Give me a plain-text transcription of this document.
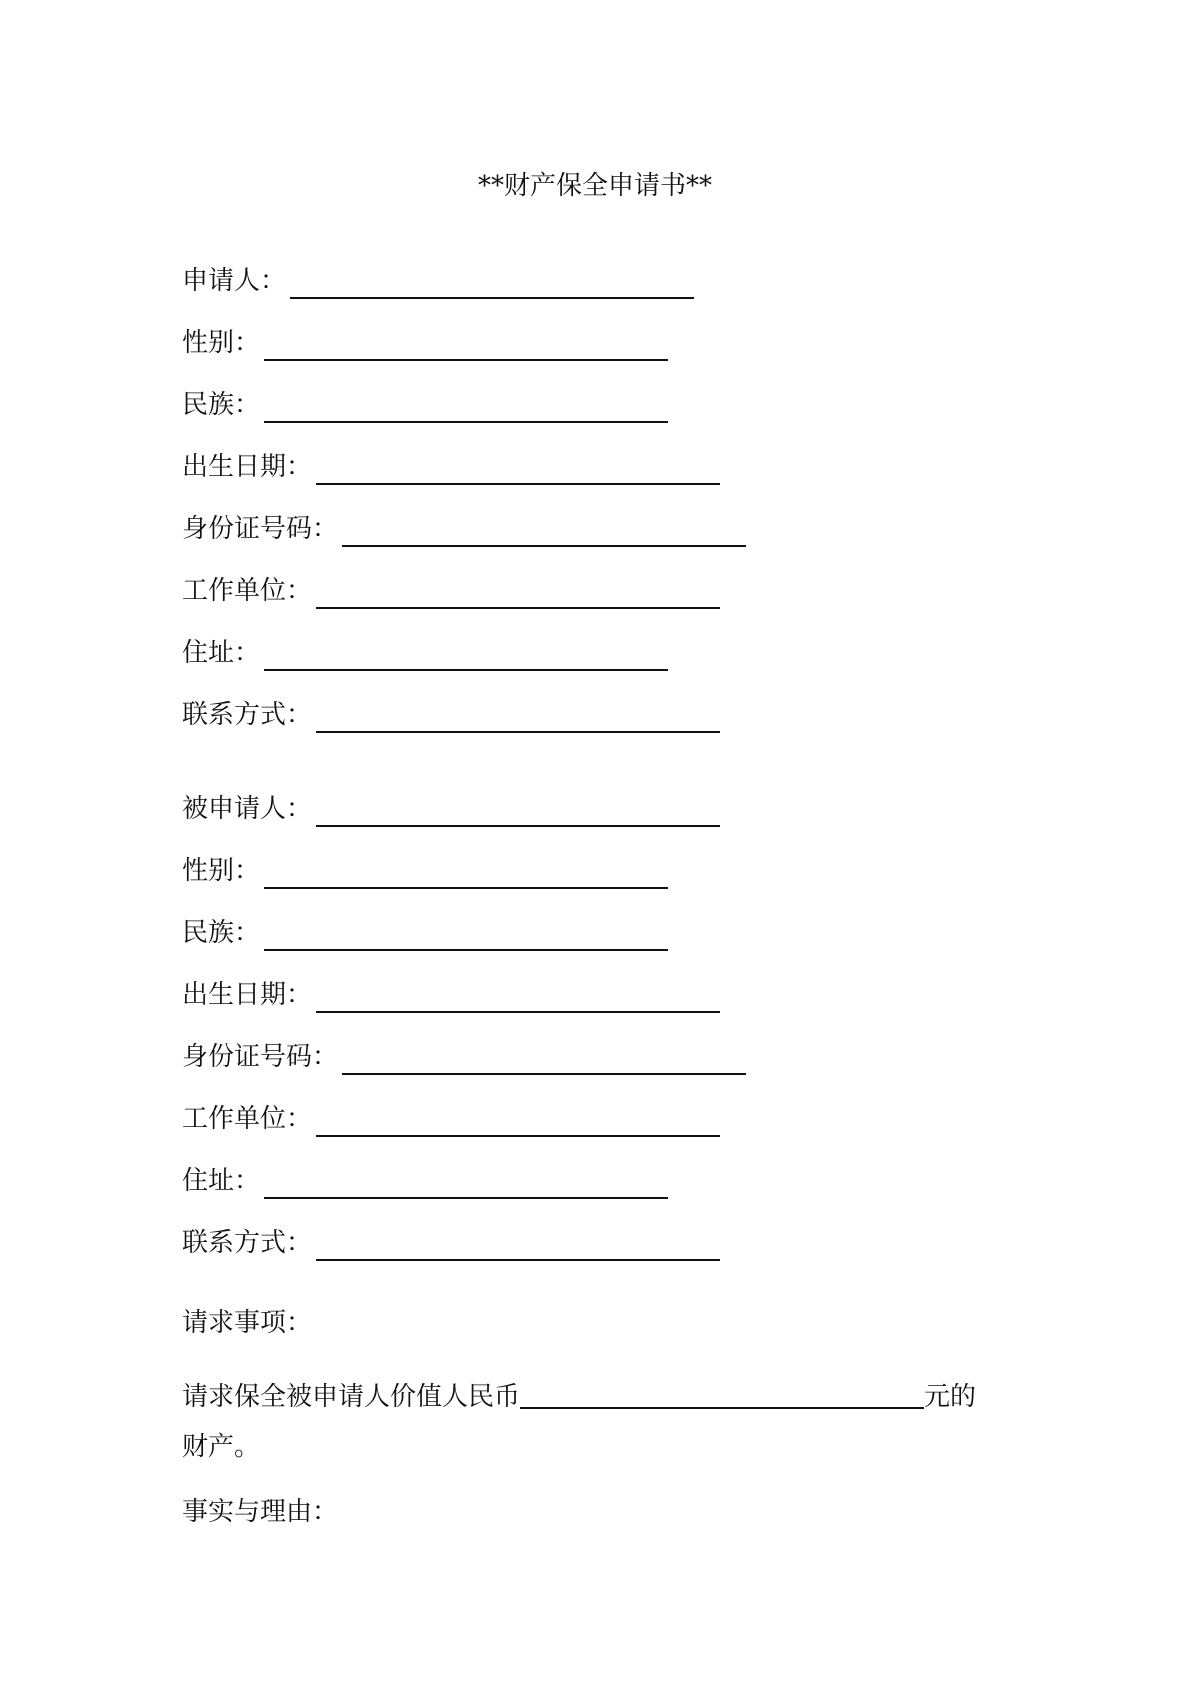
**财产保全申请书**
申请人：
性别：
民族：
出生日期：
身份证号码：
工作单位：
住址：
联系方式：
被申请人：
性别：
民族：
出生日期：
身份证号码：
工作单位：
住址：
联系方式：
请求事项：
请求保全被申请人价值人民币	元的
财产。
事实与理由：
